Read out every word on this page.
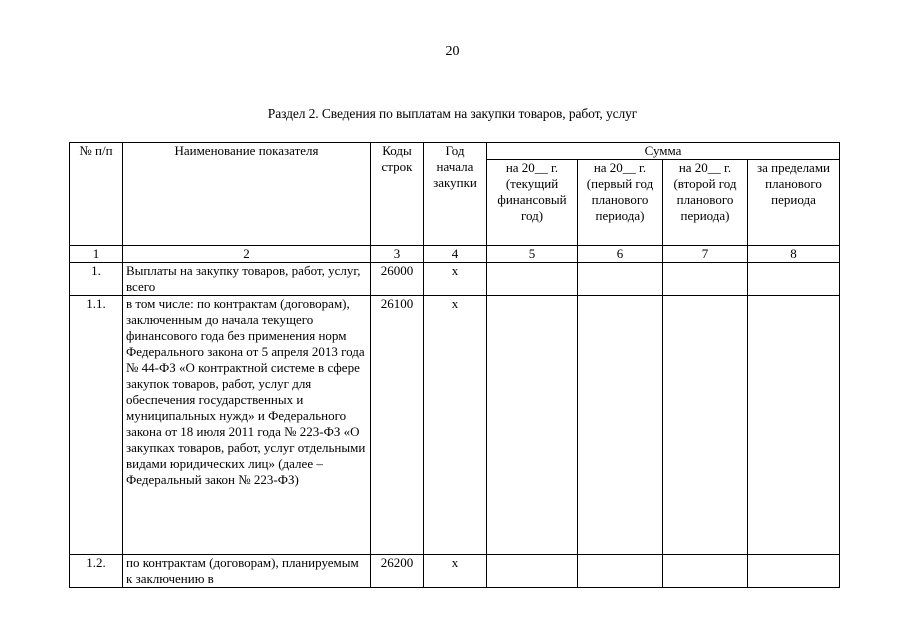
20
Раздел 2. Сведения по выплатам на закупки товаров, работ, услуг
№ п/п	Наименование показателя	Коды строк	Год начала закупки	Сумма			
				на 20__ г. (текущий финансовый год)	на 20__ г. (первый год планового периода)	на 20__ г. (второй год планового периода)	за пределами планового периода
1	2	3	4	5	6	7	8
1.	Выплаты на закупку товаров, работ, услуг, всего	26000	х				
1.1.	в том числе: по контрактам (договорам), заключенным до начала текущего финансового года без применения норм Федерального закона от 5 апреля 2013 года № 44-ФЗ «О контрактной системе в сфере закупок товаров, работ, услуг для обеспечения государственных и муниципальных нужд» и Федерального закона от 18 июля 2011 года № 223-ФЗ «О закупках товаров, работ, услуг отдельными видами юридических лиц» (далее – Федеральный закон № 223-ФЗ)	26100	х				
1.2.	по контрактам (договорам), планируемым к заключению в	26200	х				
